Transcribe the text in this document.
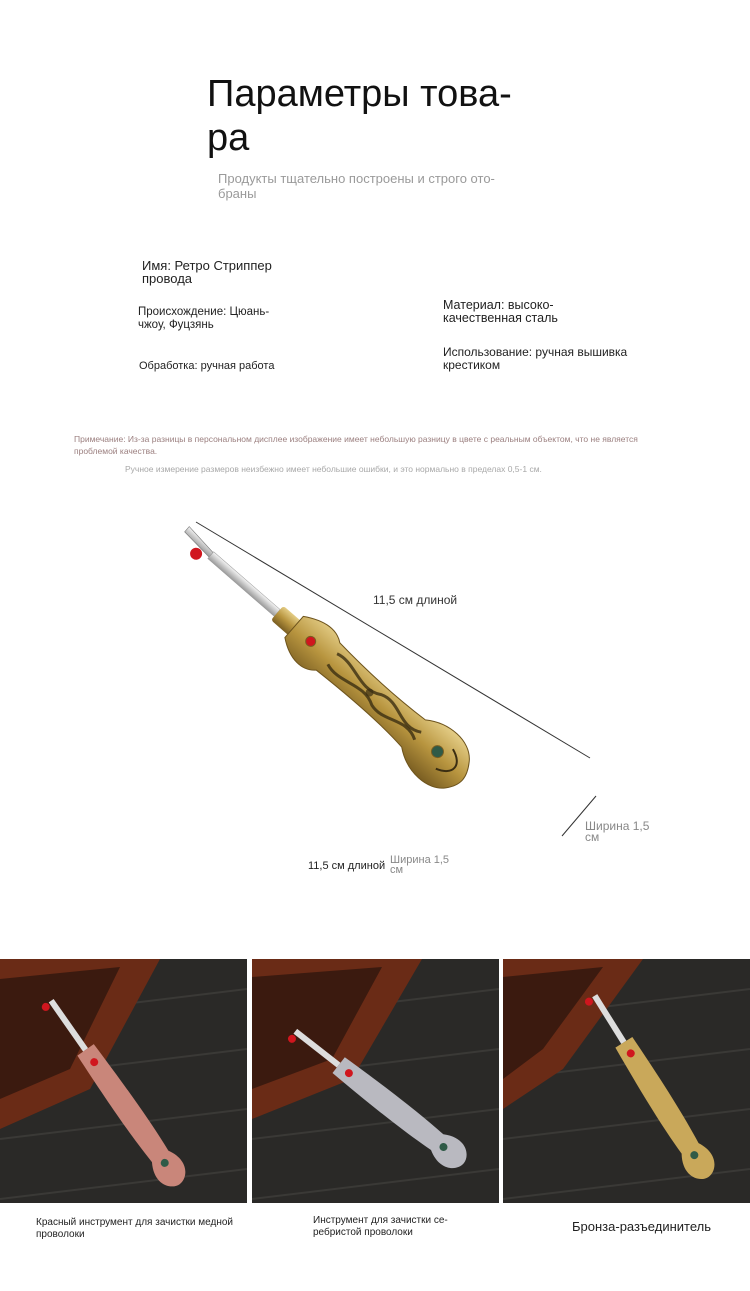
Параметры това-ра
Продукты тщательно построены и строго ото-браны
Имя: Ретро Стриппер провода
Происхождение: Цюань-чжоу, Фуцзянь
Обработка: ручная работа
Материал: высоко-качественная сталь
Использование: ручная вышивка крестиком
Примечание: Из-за разницы в персональном дисплее изображение имеет небольшую разницу в цвете с реальным объектом, что не является проблемой качества.
Ручное измерение размеров неизбежно имеет небольшие ошибки, и это нормально в пределах 0,5-1 см.
11,5 см длиной
Ширина 1,5 см
11,5 см длиной Ширина 1,5 см
Красный инструмент для зачистки медной проволоки
Инструмент для зачистки се-ребристой проволоки	Бронза-разъединитель
